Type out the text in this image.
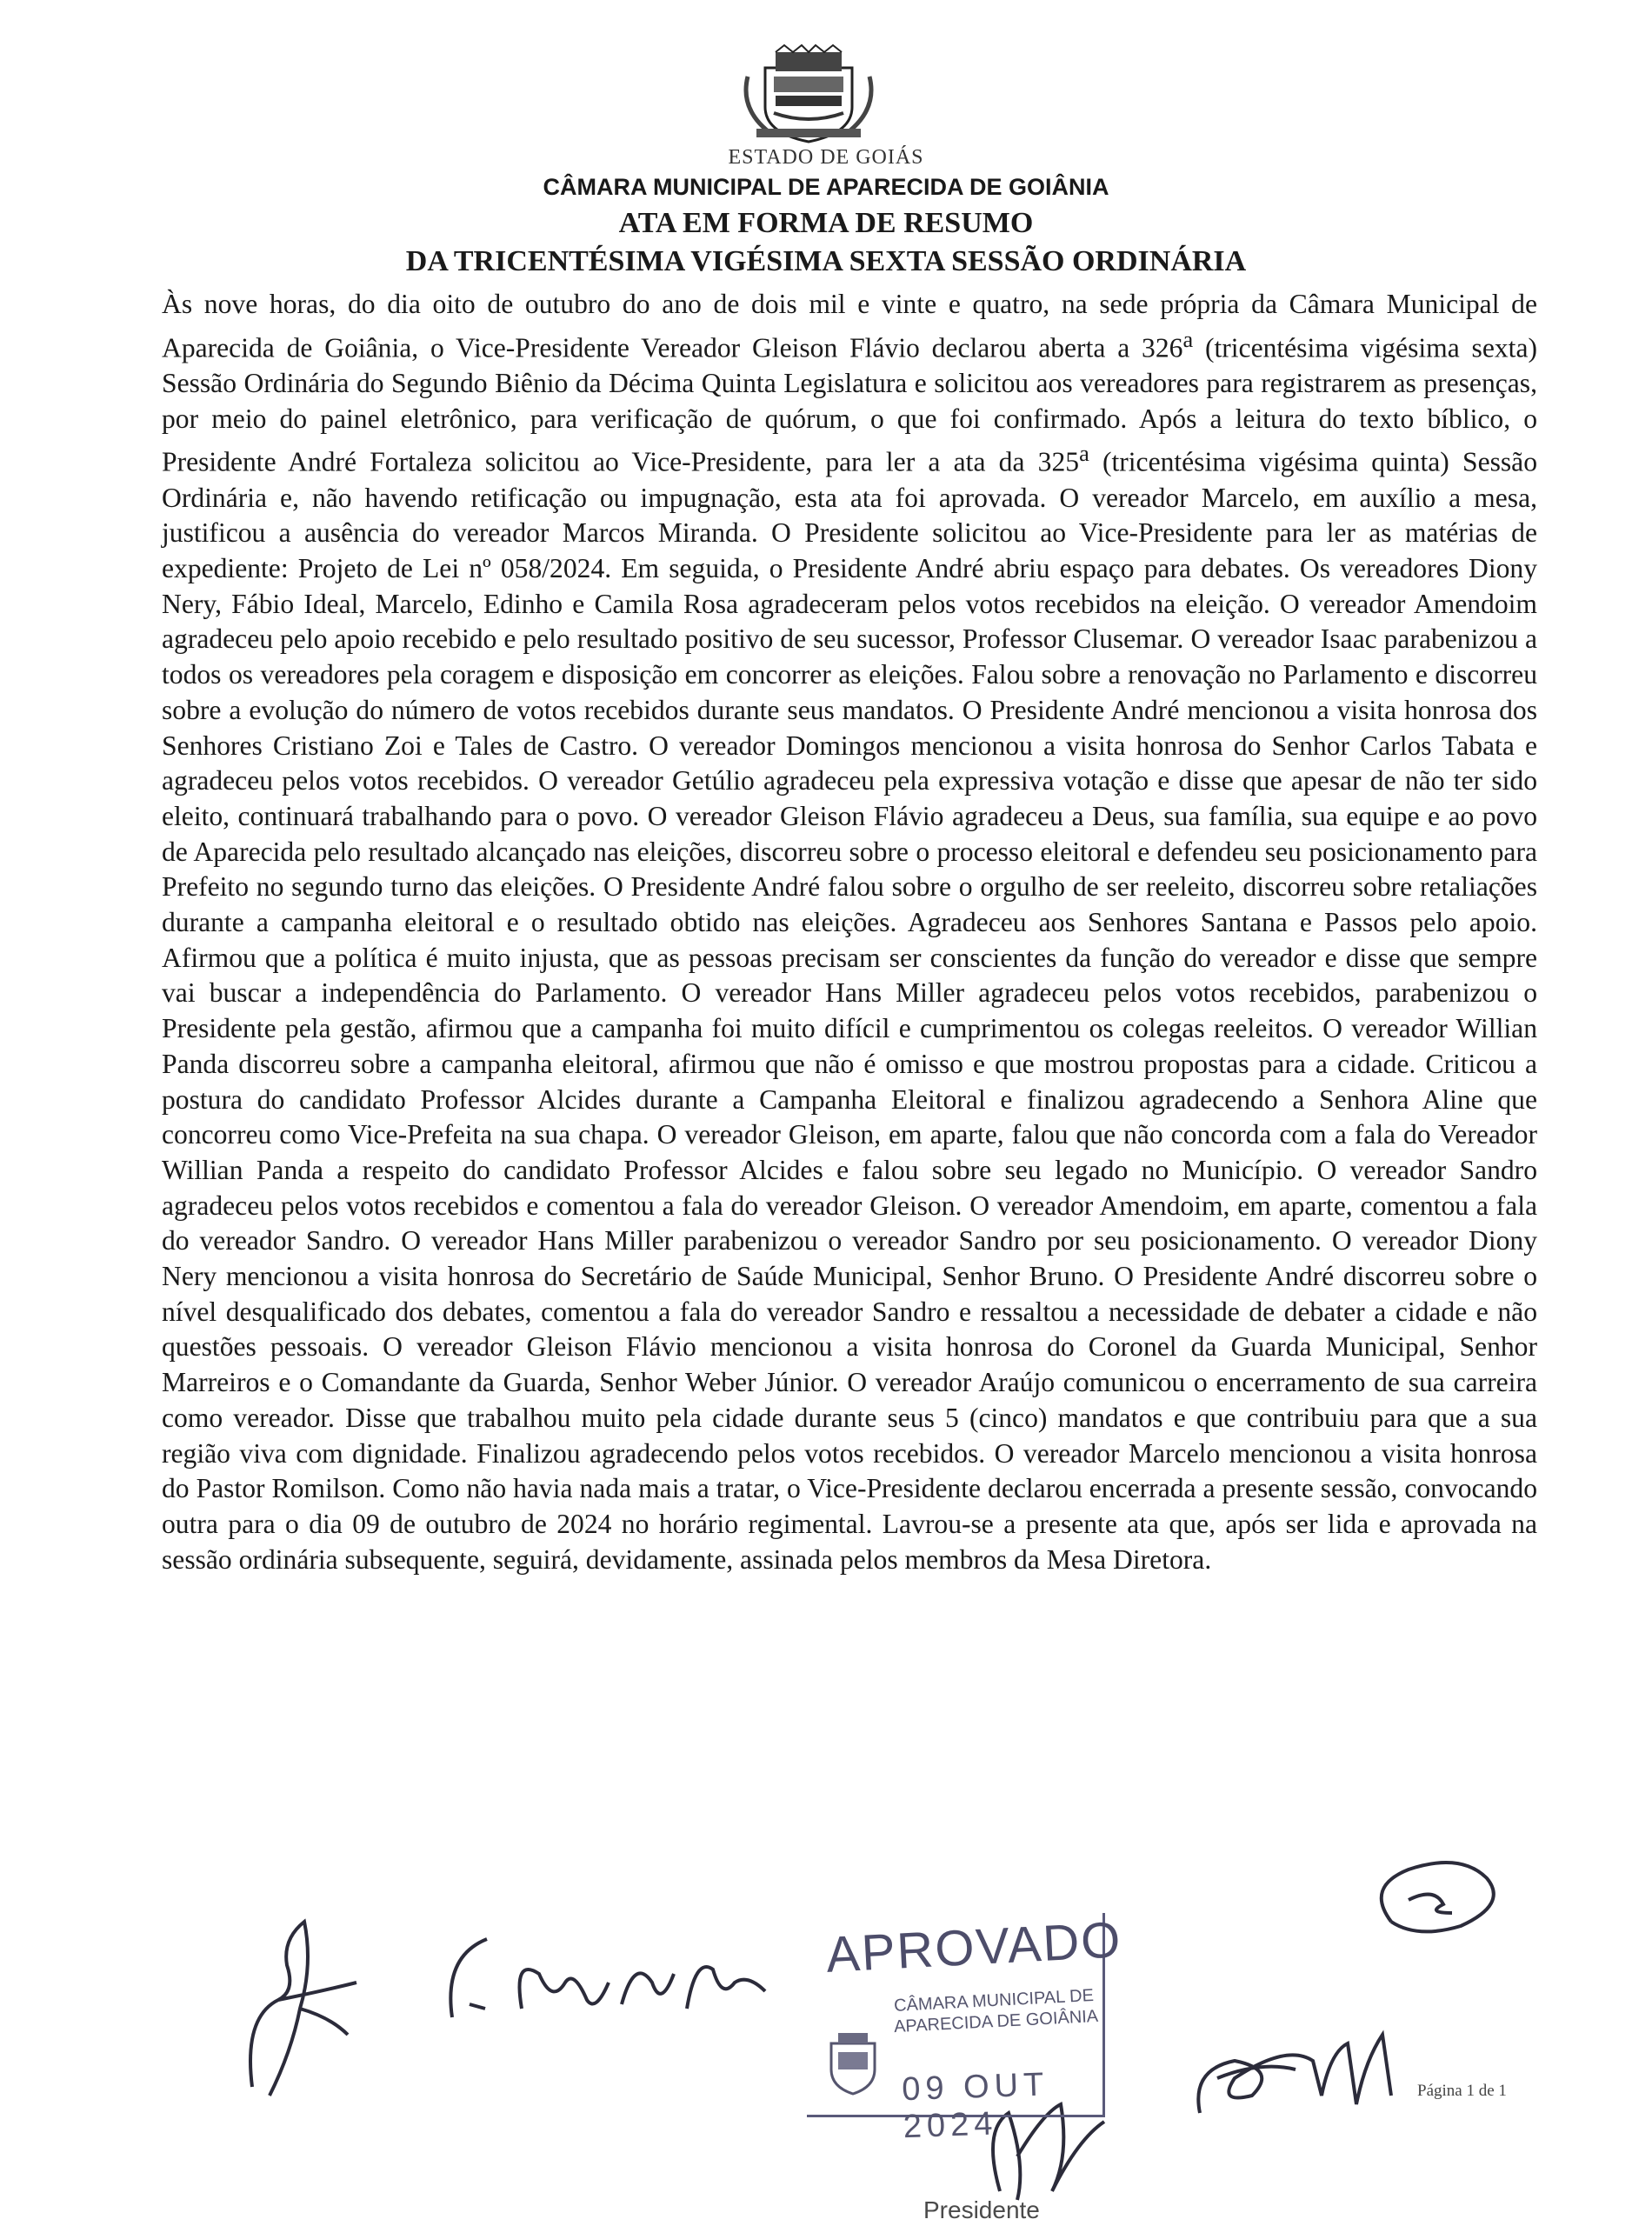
ESTADO DE GOIÁS
CÂMARA MUNICIPAL DE APARECIDA DE GOIÂNIA
ATA EM FORMA DE RESUMO
DA TRICENTÉSIMA VIGÉSIMA SEXTA SESSÃO ORDINÁRIA
Às nove horas, do dia oito de outubro do ano de dois mil e vinte e quatro, na sede própria da Câmara Municipal de Aparecida de Goiânia, o Vice-Presidente Vereador Gleison Flávio declarou aberta a 326$^a$ (tricentésima vigésima sexta) Sessão Ordinária do Segundo Biênio da Décima Quinta Legislatura e solicitou aos vereadores para registrarem as presenças, por meio do painel eletrônico, para verificação de quórum, o que foi confirmado. Após a leitura do texto bíblico, o Presidente André Fortaleza solicitou ao Vice-Presidente, para ler a ata da 325$^a$ (tricentésima vigésima quinta) Sessão Ordinária e, não havendo retificação ou impugnação, esta ata foi aprovada. O vereador Marcelo, em auxílio a mesa, justificou a ausência do vereador Marcos Miranda. O Presidente solicitou ao Vice-Presidente para ler as matérias de expediente: Projeto de Lei nº 058/2024. Em seguida, o Presidente André abriu espaço para debates. Os vereadores Diony Nery, Fábio Ideal, Marcelo, Edinho e Camila Rosa agradeceram pelos votos recebidos na eleição. O vereador Amendoim agradeceu pelo apoio recebido e pelo resultado positivo de seu sucessor, Professor Clusemar. O vereador Isaac parabenizou a todos os vereadores pela coragem e disposição em concorrer as eleições. Falou sobre a renovação no Parlamento e discorreu sobre a evolução do número de votos recebidos durante seus mandatos. O Presidente André mencionou a visita honrosa dos Senhores Cristiano Zoi e Tales de Castro. O vereador Domingos mencionou a visita honrosa do Senhor Carlos Tabata e agradeceu pelos votos recebidos. O vereador Getúlio agradeceu pela expressiva votação e disse que apesar de não ter sido eleito, continuará trabalhando para o povo. O vereador Gleison Flávio agradeceu a Deus, sua família, sua equipe e ao povo de Aparecida pelo resultado alcançado nas eleições, discorreu sobre o processo eleitoral e defendeu seu posicionamento para Prefeito no segundo turno das eleições. O Presidente André falou sobre o orgulho de ser reeleito, discorreu sobre retaliações durante a campanha eleitoral e o resultado obtido nas eleições. Agradeceu aos Senhores Santana e Passos pelo apoio. Afirmou que a política é muito injusta, que as pessoas precisam ser conscientes da função do vereador e disse que sempre vai buscar a independência do Parlamento. O vereador Hans Miller agradeceu pelos votos recebidos, parabenizou o Presidente pela gestão, afirmou que a campanha foi muito difícil e cumprimentou os colegas reeleitos. O vereador Willian Panda discorreu sobre a campanha eleitoral, afirmou que não é omisso e que mostrou propostas para a cidade. Criticou a postura do candidato Professor Alcides durante a Campanha Eleitoral e finalizou agradecendo a Senhora Aline que concorreu como Vice-Prefeita na sua chapa. O vereador Gleison, em aparte, falou que não concorda com a fala do Vereador Willian Panda a respeito do candidato Professor Alcides e falou sobre seu legado no Município. O vereador Sandro agradeceu pelos votos recebidos e comentou a fala do vereador Gleison. O vereador Amendoim, em aparte, comentou a fala do vereador Sandro. O vereador Hans Miller parabenizou o vereador Sandro por seu posicionamento. O vereador Diony Nery mencionou a visita honrosa do Secretário de Saúde Municipal, Senhor Bruno. O Presidente André discorreu sobre o nível desqualificado dos debates, comentou a fala do vereador Sandro e ressaltou a necessidade de debater a cidade e não questões pessoais. O vereador Gleison Flávio mencionou a visita honrosa do Coronel da Guarda Municipal, Senhor Marreiros e o Comandante da Guarda, Senhor Weber Júnior. O vereador Araújo comunicou o encerramento de sua carreira como vereador. Disse que trabalhou muito pela cidade durante seus 5 (cinco) mandatos e que contribuiu para que a sua região viva com dignidade. Finalizou agradecendo pelos votos recebidos. O vereador Marcelo mencionou a visita honrosa do Pastor Romilson. Como não havia nada mais a tratar, o Vice-Presidente declarou encerrada a presente sessão, convocando outra para o dia 09 de outubro de 2024 no horário regimental. Lavrou-se a presente ata que, após ser lida e aprovada na sessão ordinária subsequente, seguirá, devidamente, assinada pelos membros da Mesa Diretora.
APROVADO
CÂMARA MUNICIPAL DE
APARECIDA DE GOIÂNIA
09 OUT 2024
Presidente
Página 1 de 1
